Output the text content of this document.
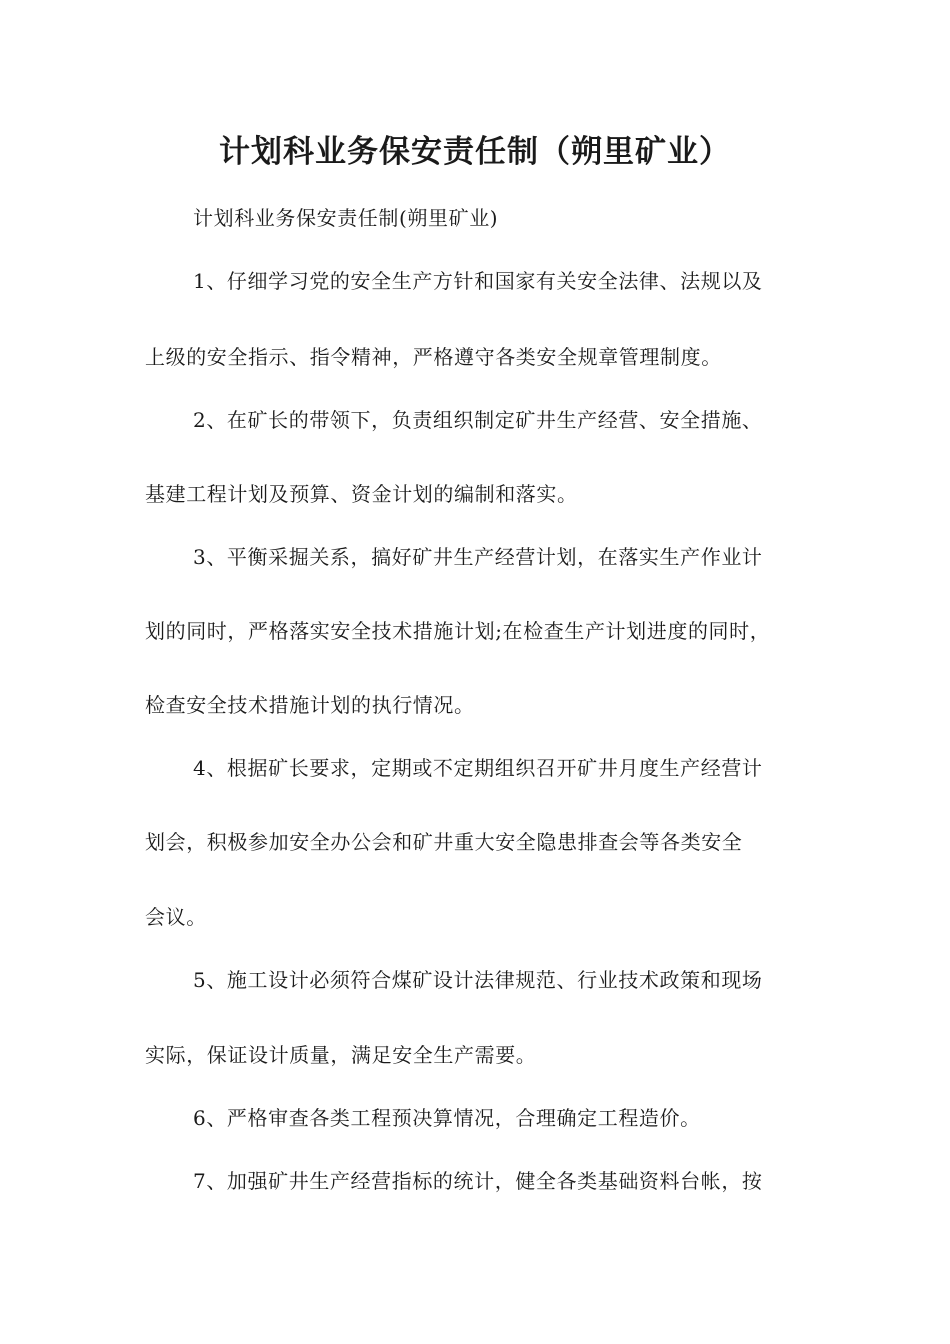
计划科业务保安责任制（朔里矿业）
计划科业务保安责任制(朔里矿业)
1、仔细学习党的安全生产方针和国家有关安全法律、法规以及
上级的安全指示、指令精神，严格遵守各类安全规章管理制度。
2、在矿长的带领下，负责组织制定矿井生产经营、安全措施、
基建工程计划及预算、资金计划的编制和落实。
3、平衡采掘关系，搞好矿井生产经营计划，在落实生产作业计
划的同时，严格落实安全技术措施计划;在检查生产计划进度的同时，
检查安全技术措施计划的执行情况。
4、根据矿长要求，定期或不定期组织召开矿井月度生产经营计
划会，积极参加安全办公会和矿井重大安全隐患排查会等各类安全
会议。
5、施工设计必须符合煤矿设计法律规范、行业技术政策和现场
实际，保证设计质量，满足安全生产需要。
6、严格审查各类工程预决算情况，合理确定工程造价。
7、加强矿井生产经营指标的统计，健全各类基础资料台帐，按
